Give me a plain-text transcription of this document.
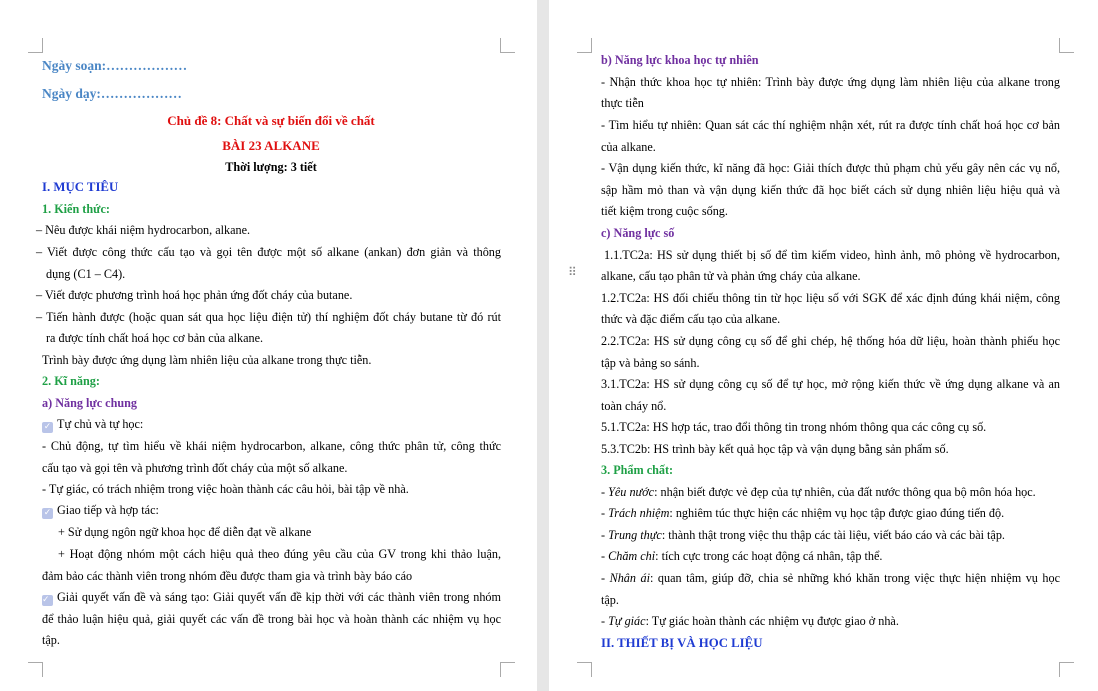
Ngày soạn:………………
Ngày dạy:………………
Chủ đề 8: Chất và sự biến đổi về chất
BÀI 23 ALKANE
Thời lượng: 3 tiết
I. MỤC TIÊU
1. Kiến thức:
– Nêu được khái niệm hydrocarbon, alkane.
– Viết được công thức cấu tạo và gọi tên được một số alkane (ankan) đơn giản và thông
dụng (C1 – C4).
– Viết được phương trình hoá học phản ứng đốt cháy của butane.
– Tiến hành được (hoặc quan sát qua học liệu điện tử) thí nghiệm đốt cháy butane từ đó rút
ra được tính chất hoá học cơ bản của alkane.
Trình bày được ứng dụng làm nhiên liệu của alkane trong thực tiễn.
2. Kĩ năng:
a) Năng lực chung
✓ Tự chủ và tự học:
- Chủ động, tự tìm hiểu về khái niệm hydrocarbon, alkane, công thức phân tử, công thức
cấu tạo và gọi tên và phương trình đốt cháy của một số alkane.
- Tự giác, có trách nhiệm trong việc hoàn thành các câu hỏi, bài tập về nhà.
✓ Giao tiếp và hợp tác:
+ Sử dụng ngôn ngữ khoa học để diễn đạt về alkane
+ Hoạt động nhóm một cách hiệu quả theo đúng yêu cầu của GV trong khi thảo luận,
đảm bảo các thành viên trong nhóm đều được tham gia và trình bày báo cáo
✓ Giải quyết vấn đề và sáng tạo: Giải quyết vấn đề kịp thời với các thành viên trong nhóm
để thảo luận hiệu quả, giải quyết các vấn đề trong bài học và hoàn thành các nhiệm vụ học
tập.
b) Năng lực khoa học tự nhiên
- Nhận thức khoa học tự nhiên: Trình bày được ứng dụng làm nhiên liệu của alkane trong
thực tiễn
- Tìm hiểu tự nhiên: Quan sát các thí nghiệm nhận xét, rút ra được tính chất hoá học cơ bản
của alkane.
- Vận dụng kiến thức, kĩ năng đã học: Giải thích được thủ phạm chủ yếu gây nên các vụ nổ,
sập hầm mỏ than và vận dụng kiến thức đã học biết cách sử dụng nhiên liệu hiệu quả và
tiết kiệm trong cuộc sống.
c) Năng lực số
1.1.TC2a: HS sử dụng thiết bị số để tìm kiếm video, hình ảnh, mô phỏng về hydrocarbon,
alkane, cấu tạo phân tử và phản ứng cháy của alkane.
1.2.TC2a: HS đối chiếu thông tin từ học liệu số với SGK để xác định đúng khái niệm, công
thức và đặc điểm cấu tạo của alkane.
2.2.TC2a: HS sử dụng công cụ số để ghi chép, hệ thống hóa dữ liệu, hoàn thành phiếu học
tập và bảng so sánh.
3.1.TC2a: HS sử dụng công cụ số để tự học, mở rộng kiến thức về ứng dụng alkane và an
toàn cháy nổ.
5.1.TC2a: HS hợp tác, trao đổi thông tin trong nhóm thông qua các công cụ số.
5.3.TC2b: HS trình bày kết quả học tập và vận dụng bằng sản phẩm số.
3. Phẩm chất:
- Yêu nước: nhận biết được vẻ đẹp của tự nhiên, của đất nước thông qua bộ môn hóa học.
- Trách nhiệm: nghiêm túc thực hiện các nhiệm vụ học tập được giao đúng tiến độ.
- Trung thực: thành thật trong việc thu thập các tài liệu, viết báo cáo và các bài tập.
- Chăm chỉ: tích cực trong các hoạt động cá nhân, tập thể.
- Nhân ái: quan tâm, giúp đỡ, chia sẻ những khó khăn trong việc thực hiện nhiệm vụ học
tập.
- Tự giác: Tự giác hoàn thành các nhiệm vụ được giao ở nhà.
II. THIẾT BỊ VÀ HỌC LIỆU
⠿
